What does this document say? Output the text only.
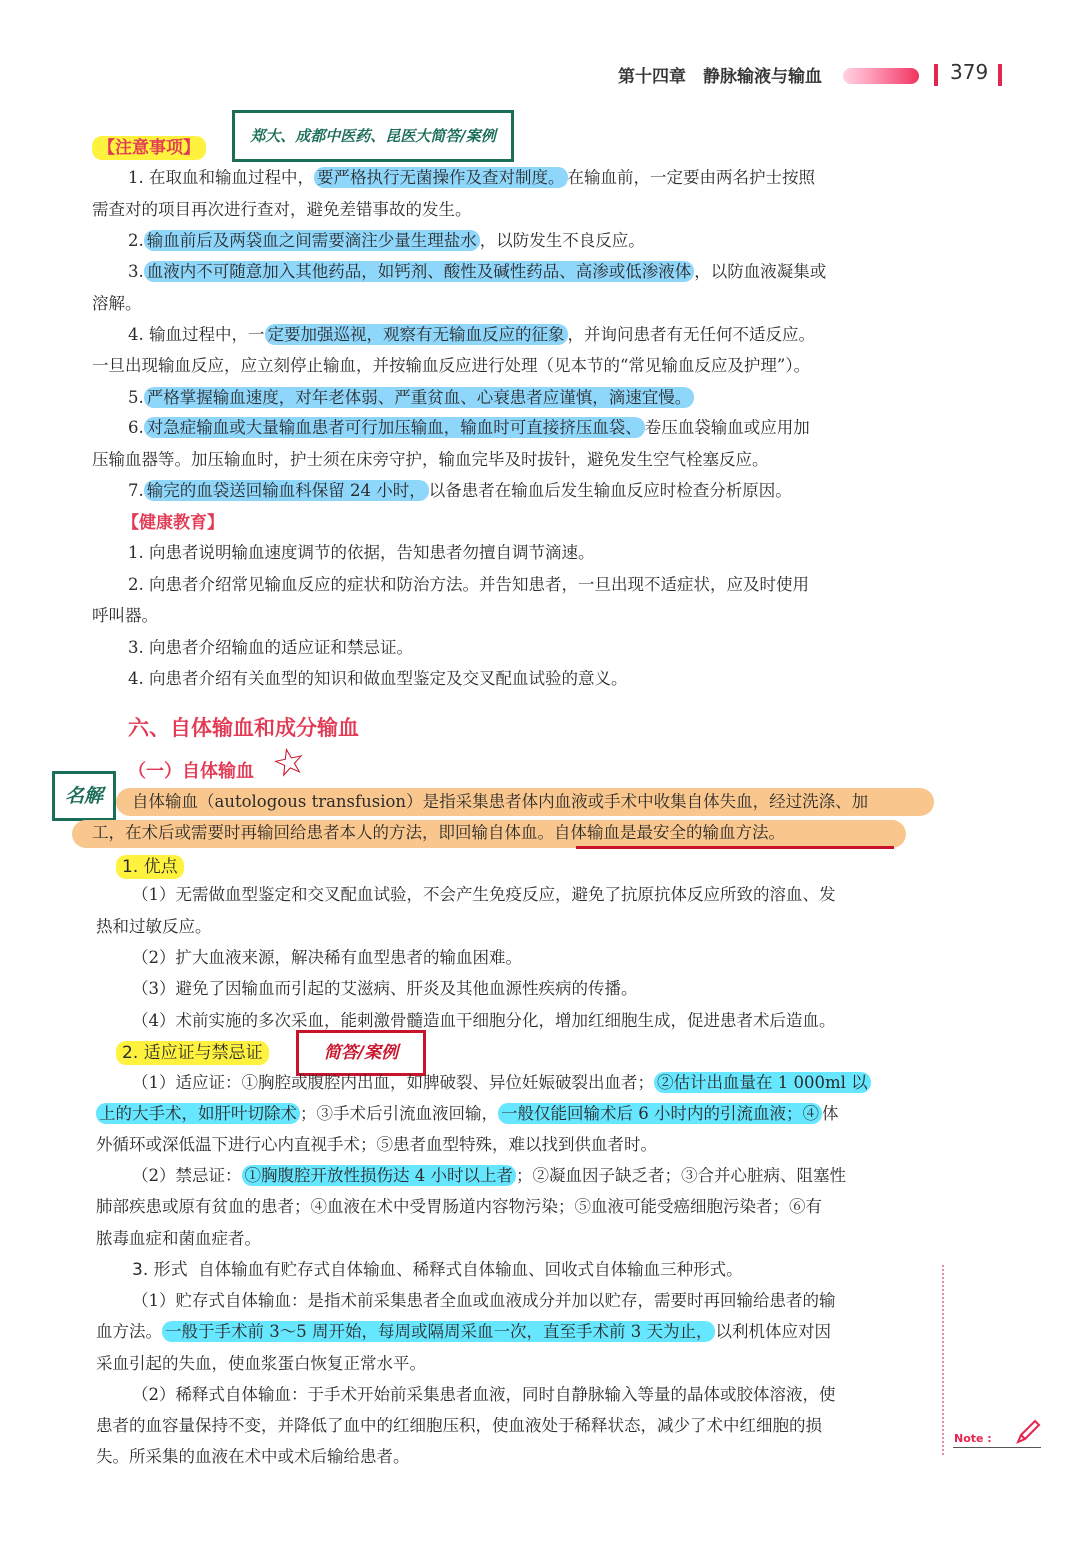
第十四章　静脉输液与输血	379
【注意事项】
郑大、成都中医药、昆医大简答/案例
1. 在取血和输血过程中， 要严格执行无菌操作及查对制度。 在输血前，一定要由两名护士按照
需查对的项目再次进行查对，避免差错事故的发生。
2. 输血前后及两袋血之间需要滴注少量生理盐水 ，以防发生不良反应。
3. 血液内不可随意加入其他药品，如钙剂、酸性及碱性药品、高渗或低渗液体 ，以防血液凝集或
溶解。
4. 输血过程中，一 定要加强巡视，观察有无输血反应的征象 ，并询问患者有无任何不适反应。
一旦出现输血反应，应立刻停止输血，并按输血反应进行处理（见本节的“常见输血反应及护理”）。
5. 严格掌握输血速度，对年老体弱、严重贫血、心衰患者应谨慎，滴速宜慢。
6. 对急症输血或大量输血患者可行加压输血，输血时可直接挤压血袋、 卷压血袋输血或应用加
压输血器等。加压输血时，护士须在床旁守护，输血完毕及时拔针，避免发生空气栓塞反应。
7. 输完的血袋送回输血科保留 24 小时， 以备患者在输血后发生输血反应时检查分析原因。
【健康教育】
1. 向患者说明输血速度调节的依据，告知患者勿擅自调节滴速。
2. 向患者介绍常见输血反应的症状和防治方法。并告知患者，一旦出现不适症状，应及时使用
呼叫器。
3. 向患者介绍输血的适应证和禁忌证。
4. 向患者介绍有关血型的知识和做血型鉴定及交叉配血试验的意义。
六、自体输血和成分输血
☆
（一）自体输血
名解	自体输血（autologous transfusion）是指采集患者体内血液或手术中收集自体失血，经过洗涤、加
工，在术后或需要时再输回给患者本人的方法，即回输自体血。自体输血是最安全的输血方法。
1. 优点
（1）无需做血型鉴定和交叉配血试验，不会产生免疫反应，避免了抗原抗体反应所致的溶血、发
热和过敏反应。
（2）扩大血液来源，解决稀有血型患者的输血困难。
（3）避免了因输血而引起的艾滋病、肝炎及其他血源性疾病的传播。
（4）术前实施的多次采血，能刺激骨髓造血干细胞分化，增加红细胞生成，促进患者术后造血。
2. 适应证与禁忌证	简答/案例
（1）适应证：①胸腔或腹腔内出血，如脾破裂、异位妊娠破裂出血者； ②估计出血量在 1 000ml 以
上的大手术，如肝叶切除术 ；③手术后引流血液回输， 一般仅能回输术后 6 小时内的引流血液；④ 体
外循环或深低温下进行心内直视手术；⑤患者血型特殊，难以找到供血者时。
（2）禁忌证： ①胸腹腔开放性损伤达 4 小时以上者 ；②凝血因子缺乏者；③合并心脏病、阻塞性
肺部疾患或原有贫血的患者；④血液在术中受胃肠道内容物污染；⑤血液可能受癌细胞污染者；⑥有
脓毒血症和菌血症者。
3. 形式 自体输血有贮存式自体输血、稀释式自体输血、回收式自体输血三种形式。
（1）贮存式自体输血：是指术前采集患者全血或血液成分并加以贮存，需要时再回输给患者的输
血方法。 一般于手术前 3～5 周开始，每周或隔周采血一次，直至手术前 3 天为止， 以利机体应对因
采血引起的失血，使血浆蛋白恢复正常水平。
（2）稀释式自体输血：于手术开始前采集患者血液，同时自静脉输入等量的晶体或胶体溶液，使
患者的血容量保持不变，并降低了血中的红细胞压积，使血液处于稀释状态，减少了术中红细胞的损
失。所采集的血液在术中或术后输给患者。
Note :
